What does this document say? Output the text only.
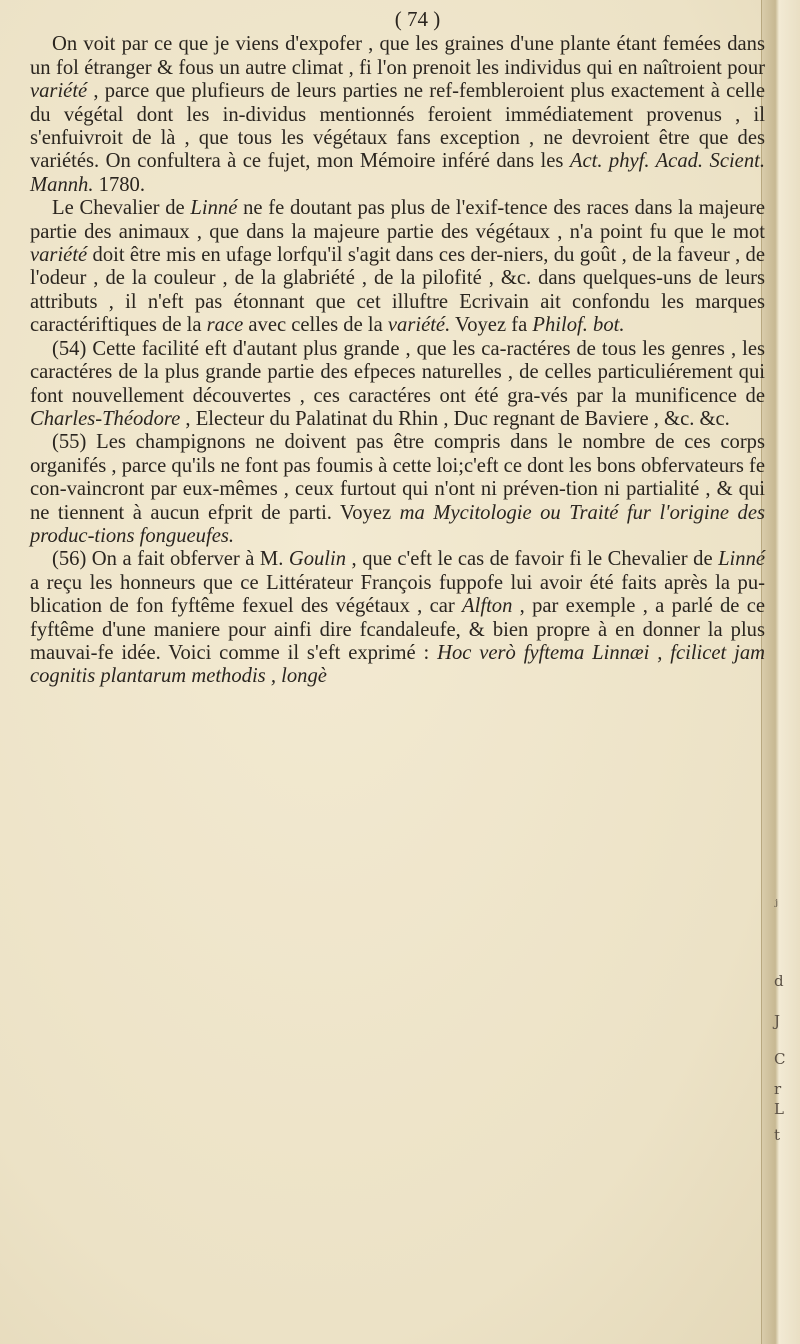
ʲ
d
J
C
r
L
t
( 74 )

On voit par ce que je viens d'expofer , que les graines d'une plante étant femées dans un fol étranger & fous un autre climat , fi l'on prenoit les individus qui en naîtroient pour variété , parce que plufieurs de leurs parties ne ref-fembleroient plus exactement à celle du végétal dont les in-dividus mentionnés feroient immédiatement provenus , il s'enfuivroit de là , que tous les végétaux fans exception , ne devroient être que des variétés. On confultera à ce fujet, mon Mémoire inféré dans les Act. phyf. Acad. Scient. Mannh. 1780.

Le Chevalier de Linné ne fe doutant pas plus de l'exif-tence des races dans la majeure partie des animaux , que dans la majeure partie des végétaux , n'a point fu que le mot variété doit être mis en ufage lorfqu'il s'agit dans ces der-niers, du goût , de la faveur , de l'odeur , de la couleur , de la glabriété , de la pilofité , &c. dans quelques-uns de leurs attributs , il n'eft pas étonnant que cet illuftre Ecrivain ait confondu les marques caractériftiques de la race avec celles de la variété. Voyez fa Philof. bot.

(54) Cette facilité eft d'autant plus grande , que les ca-ractéres de tous les genres , les caractéres de la plus grande partie des efpeces naturelles , de celles particuliérement qui font nouvellement découvertes , ces caractéres ont été gra-vés par la munificence de Charles-Théodore , Electeur du Palatinat du Rhin , Duc regnant de Baviere , &c. &c.

(55) Les champignons ne doivent pas être compris dans le nombre de ces corps organifés , parce qu'ils ne font pas foumis à cette loi;c'eft ce dont les bons obfervateurs fe con-vaincront par eux-mêmes , ceux furtout qui n'ont ni préven-tion ni partialité , & qui ne tiennent à aucun efprit de parti. Voyez ma Mycitologie ou Traité fur l'origine des produc-tions fongueufes.

(56) On a fait obferver à M. Goulin , que c'eft le cas de favoir fi le Chevalier de Linné a reçu les honneurs que ce Littérateur François fuppofe lui avoir été faits après la pu-blication de fon fyftême fexuel des végétaux , car Alfton , par exemple , a parlé de ce fyftême d'une maniere pour ainfi dire fcandaleufe, & bien propre à en donner la plus mauvai-fe idée. Voici comme il s'eft exprimé : Hoc verò fyftema Linnæi , fcilicet jam cognitis plantarum methodis , longè
